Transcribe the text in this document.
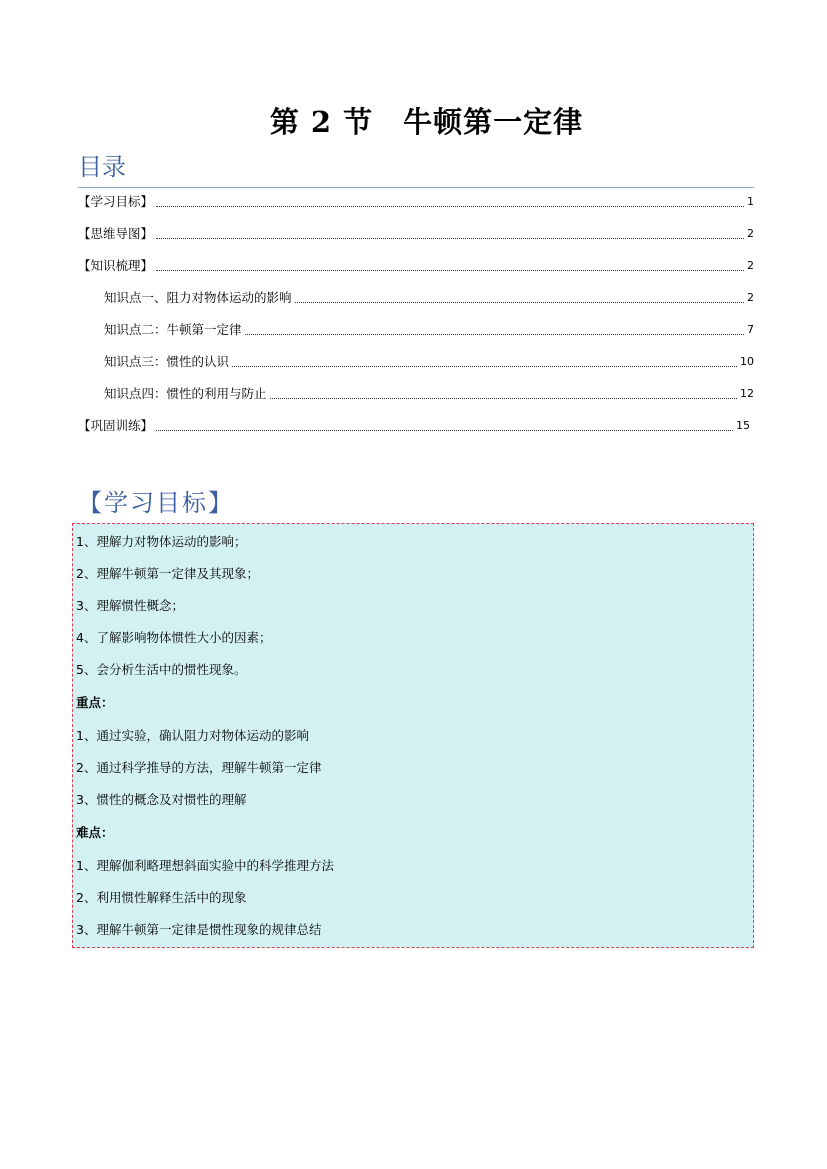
第 2 节　牛顿第一定律
目录
【学习目标】	1
【思维导图】	2
【知识梳理】	2
知识点一、阻力对物体运动的影响	2
知识点二：牛顿第一定律	7
知识点三：惯性的认识	10
知识点四：惯性的利用与防止	12
【巩固训练】	15
【学习目标】
1、理解力对物体运动的影响；
2、理解牛顿第一定律及其现象；
3、理解惯性概念；
4、了解影响物体惯性大小的因素；
5、会分析生活中的惯性现象。
重点：
1、通过实验，确认阻力对物体运动的影响
2、通过科学推导的方法，理解牛顿第一定律
3、惯性的概念及对惯性的理解
难点：
1、理解伽利略理想斜面实验中的科学推理方法
2、利用惯性解释生活中的现象
3、理解牛顿第一定律是惯性现象的规律总结
